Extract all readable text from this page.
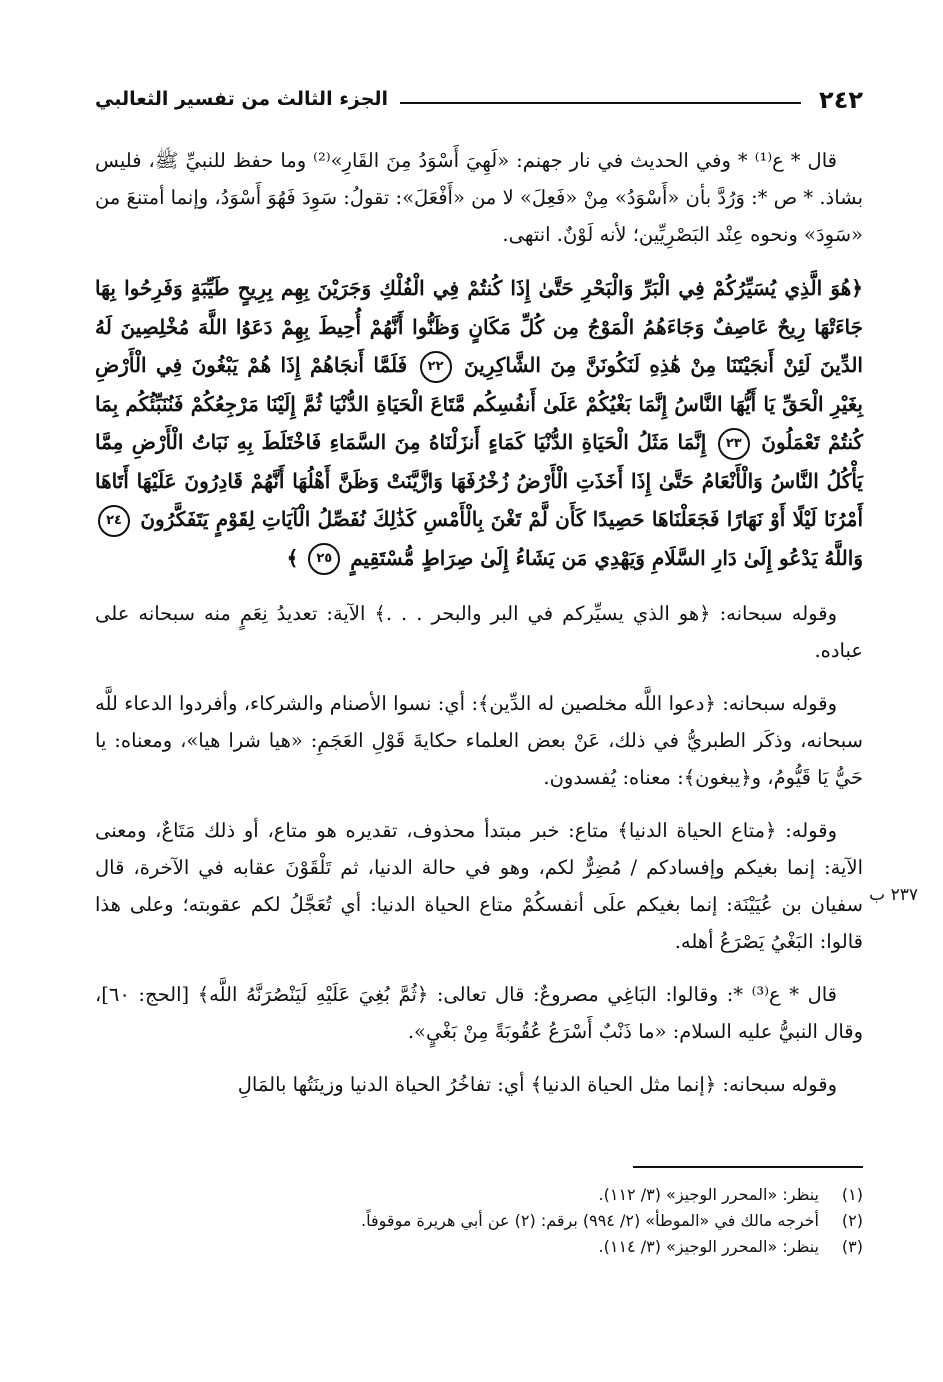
٢٤٢
الجزء الثالث من تفسير الثعالبي

قال * ع⁽¹⁾ * وفي الحديث في نار جهنم: «لَهِيَ أَسْوَدُ مِنَ القَارِ»⁽²⁾ وما حفظ للنبيِّ ﷺ، فليس بشاذ. * ص *: وَرُدَّ بأن «أَسْوَدُ» مِنْ «فَعِلَ» لا من «أَفْعَلَ»: تقولُ: سَوِدَ فَهُوَ أَسْوَدُ، وإنما أمتنعَ من «سَوِدَ» ونحوه عِنْد البَصْرِيِّين؛ لأنه لَوْنٌ. انتهى.

﴿هُوَ الَّذِي يُسَيِّرُكُمْ فِي الْبَرِّ وَالْبَحْرِ حَتَّىٰ إِذَا كُنتُمْ فِي الْفُلْكِ وَجَرَيْنَ بِهِم بِرِيحٍ طَيِّبَةٍ وَفَرِحُوا بِهَا جَاءَتْهَا رِيحٌ عَاصِفٌ وَجَاءَهُمُ الْمَوْجُ مِن كُلِّ مَكَانٍ وَظَنُّوا أَنَّهُمْ أُحِيطَ بِهِمْ دَعَوُا اللَّهَ مُخْلِصِينَ لَهُ الدِّينَ لَئِنْ أَنجَيْتَنَا مِنْ هَٰذِهِ لَنَكُونَنَّ مِنَ الشَّاكِرِينَ ٢٢ فَلَمَّا أَنجَاهُمْ إِذَا هُمْ يَبْغُونَ فِي الْأَرْضِ بِغَيْرِ الْحَقِّ يَا أَيُّهَا النَّاسُ إِنَّمَا بَغْيُكُمْ عَلَىٰ أَنفُسِكُم مَّتَاعَ الْحَيَاةِ الدُّنْيَا ثُمَّ إِلَيْنَا مَرْجِعُكُمْ فَنُنَبِّئُكُم بِمَا كُنتُمْ تَعْمَلُونَ ٢٣ إِنَّمَا مَثَلُ الْحَيَاةِ الدُّنْيَا كَمَاءٍ أَنزَلْنَاهُ مِنَ السَّمَاءِ فَاخْتَلَطَ بِهِ نَبَاتُ الْأَرْضِ مِمَّا يَأْكُلُ النَّاسُ وَالْأَنْعَامُ حَتَّىٰ إِذَا أَخَذَتِ الْأَرْضُ زُخْرُفَهَا وَازَّيَّنَتْ وَظَنَّ أَهْلُهَا أَنَّهُمْ قَادِرُونَ عَلَيْهَا أَتَاهَا أَمْرُنَا لَيْلًا أَوْ نَهَارًا فَجَعَلْنَاهَا حَصِيدًا كَأَن لَّمْ تَغْنَ بِالْأَمْسِ كَذَٰلِكَ نُفَصِّلُ الْآيَاتِ لِقَوْمٍ يَتَفَكَّرُونَ ٢٤ وَاللَّهُ يَدْعُو إِلَىٰ دَارِ السَّلَامِ وَيَهْدِي مَن يَشَاءُ إِلَىٰ صِرَاطٍ مُّسْتَقِيمٍ ٢٥ ﴾

وقوله سبحانه: ﴿هو الذي يسيِّركم في البر والبحر . . .﴾ الآية: تعديدُ نِعَمٍ منه سبحانه على عباده.

وقوله سبحانه: ﴿دعوا اللَّه مخلصين له الدِّين﴾: أي: نسوا الأصنام والشركاء، وأفردوا الدعاء للَّه سبحانه، وذكَر الطبريُّ في ذلك، عَنْ بعض العلماء حكايةَ قَوْلِ العَجَمِ: «هيا شرا هيا»، ومعناه: يا حَيُّ يَا قَيُّومُ، و﴿يبغون﴾: معناه: يُفسدون.

وقوله: ﴿متاع الحياة الدنيا﴾ متاع: خبر مبتدأ محذوف، تقديره هو متاع، أو ذلك مَتَاعٌ، ومعنى الآية: إنما بغيكم وإفسادكم / مُضِرٌّ لكم، وهو في حالة الدنيا، ثم تَلْقَوْنَ عقابه في الآخرة، قال سفيان بن عُيَيْنَة: إنما بغيكم علَى أنفسكُمْ متاع الحياة الدنيا: أي تُعَجَّلُ لكم عقوبته؛ وعلى هذا قالوا: البَغْيُ يَصْرَعُ أهله.

قال * ع⁽³⁾ *: وقالوا: البَاغِي مصروعٌ: قال تعالى: ﴿ثُمَّ بُغِيَ عَلَيْهِ لَيَنْصُرَنَّهُ اللَّه﴾ [الحج: ٦٠]، وقال النبيُّ عليه السلام: «ما ذَنْبٌ أَسْرَعُ عُقُوبَةً مِنْ بَغْيٍ».

وقوله سبحانه: ﴿إنما مثل الحياة الدنيا﴾ أي: تفاخُرُ الحياة الدنيا وزينَتُها بالمَالِ

٢٣٧ ب

(١)ينظر: «المحرر الوجيز» (٣/ ١١٢).

(٢)أخرجه مالك في «الموطأ» (٢/ ٩٩٤) برقم: (٢) عن أبي هريرة موقوفاً.

(٣)ينظر: «المحرر الوجيز» (٣/ ١١٤).
